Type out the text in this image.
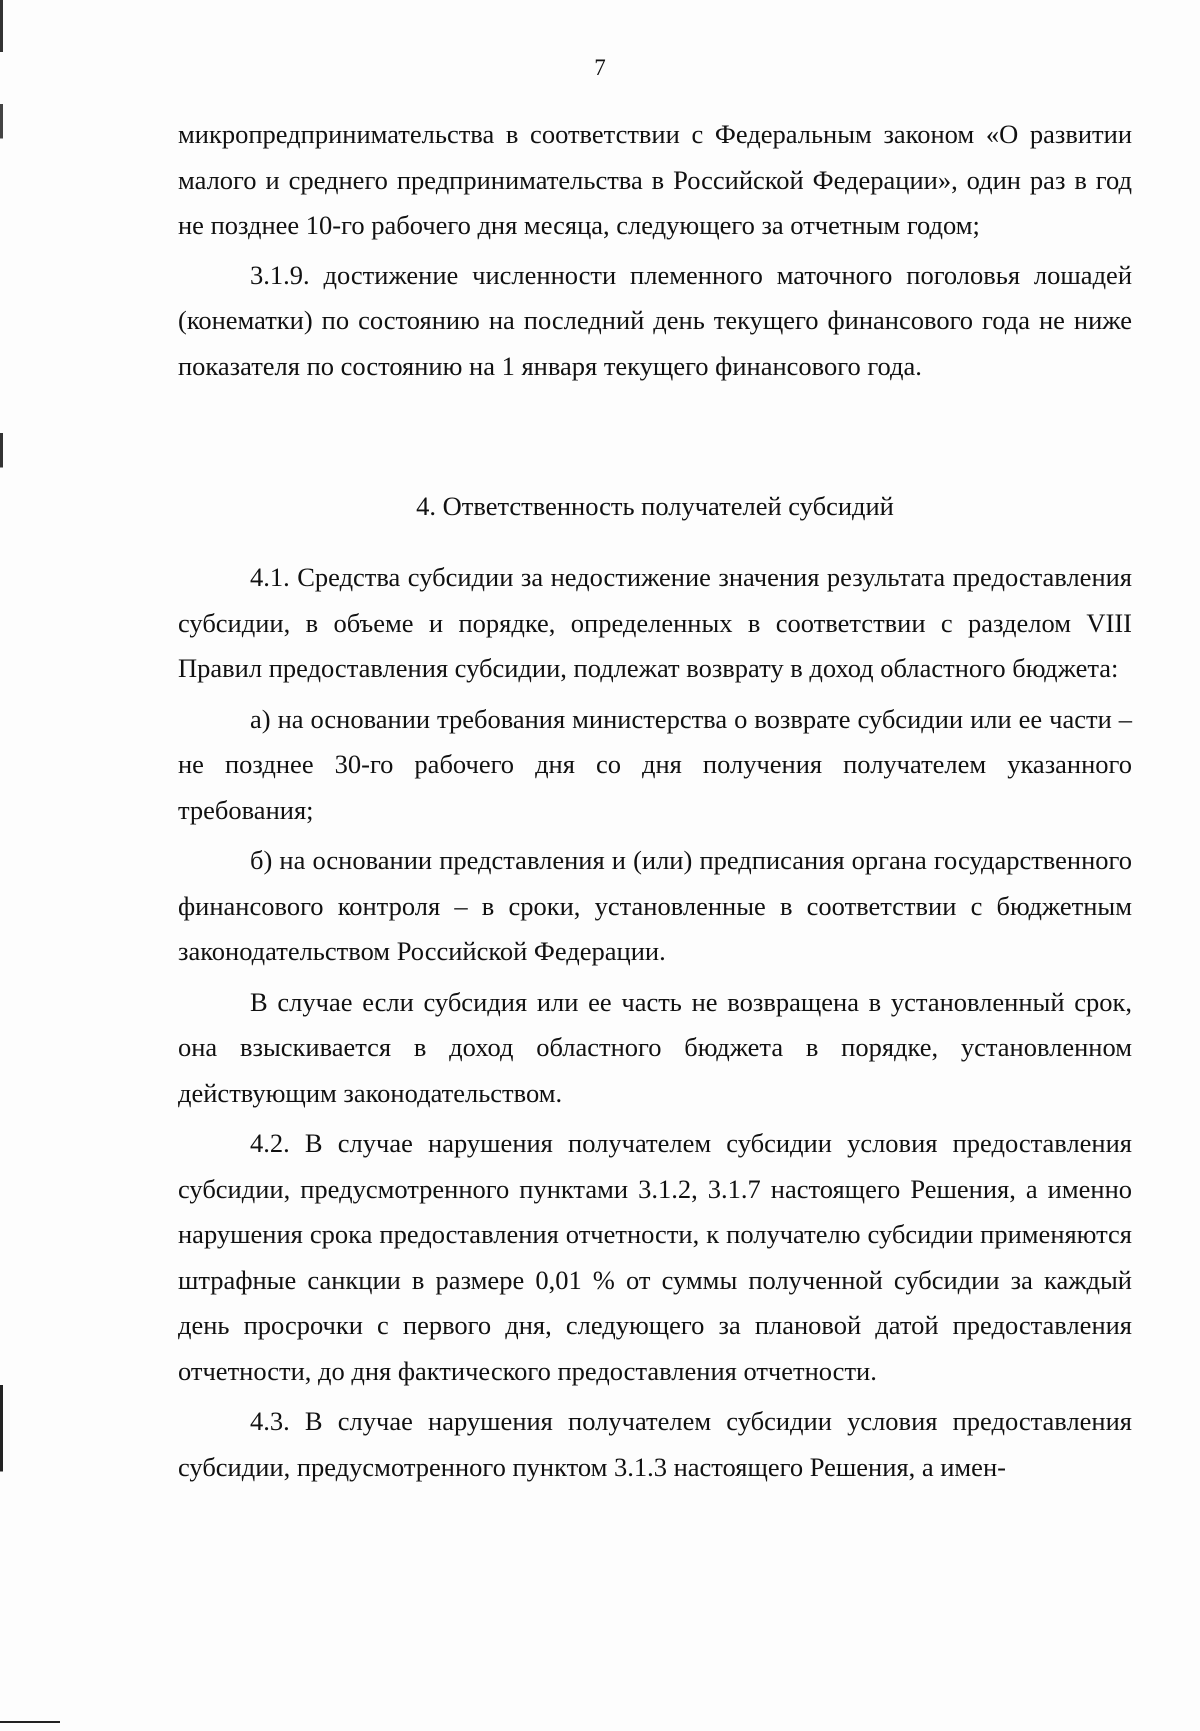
7

микропредпринимательства в соответствии с Федеральным законом «О развитии малого и среднего предпринимательства в Российской Федерации», один раз в год не позднее 10-го рабочего дня месяца, следующего за отчетным годом;

3.1.9. достижение численности племенного маточного поголовья лошадей (конематки) по состоянию на последний день текущего финансового года не ниже показателя по состоянию на 1 января текущего финансового года.

4. Ответственность получателей субсидий

4.1. Средства субсидии за недостижение значения результата предоставления субсидии, в объеме и порядке, определенных в соответствии с разделом VIII Правил предоставления субсидии, подлежат возврату в доход областного бюджета:

а) на основании требования министерства о возврате субсидии или ее части – не позднее 30-го рабочего дня со дня получения получателем указанного требования;

б) на основании представления и (или) предписания органа государственного финансового контроля – в сроки, установленные в соответствии с бюджетным законодательством Российской Федерации.

В случае если субсидия или ее часть не возвращена в установленный срок, она взыскивается в доход областного бюджета в порядке, установленном действующим законодательством.

4.2. В случае нарушения получателем субсидии условия предоставления субсидии, предусмотренного пунктами 3.1.2, 3.1.7 настоящего Решения, а именно нарушения срока предоставления отчетности, к получателю субсидии применяются штрафные санкции в размере 0,01 % от суммы полученной субсидии за каждый день просрочки с первого дня, следующего за плановой датой предоставления отчетности, до дня фактического предоставления отчетности.

4.3. В случае нарушения получателем субсидии условия предоставления субсидии, предусмотренного пунктом 3.1.3 настоящего Решения, а имен-
